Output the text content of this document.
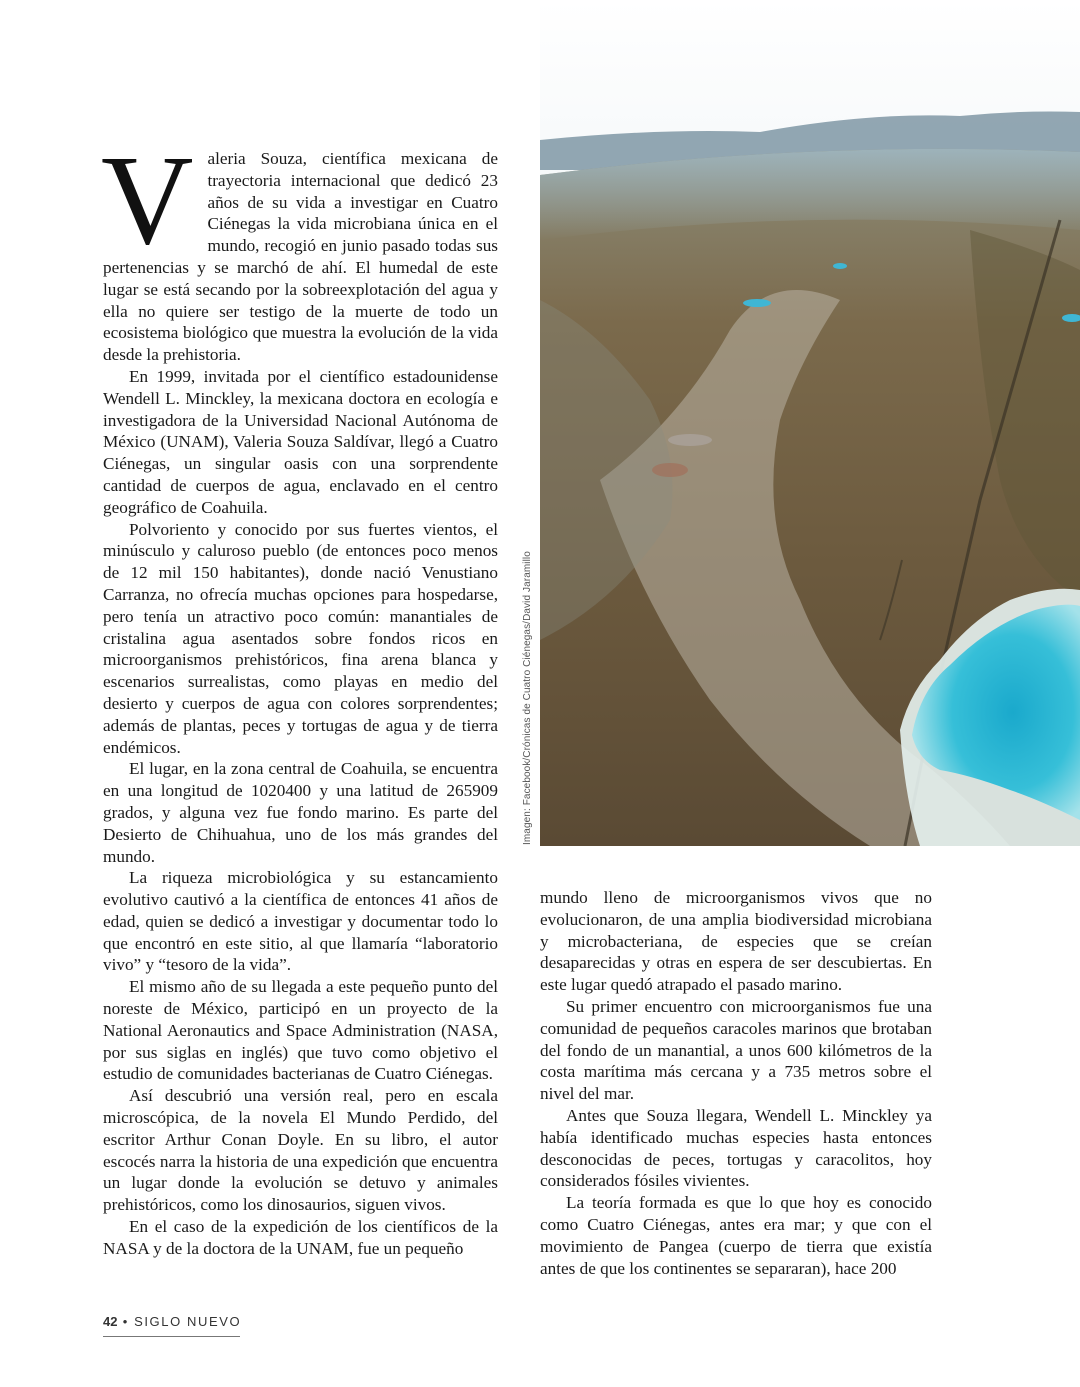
Imagen: Facebook/Crónicas de Cuatro Ciénegas/David Jaramillo

Valeria Souza, científica mexicana de trayectoria internacional que dedicó 23 años de su vida a investigar en Cuatro Ciénegas la vida microbiana única en el mundo, recogió en junio pasado todas sus pertenencias y se marchó de ahí. El humedal de este lugar se está secando por la sobreexplotación del agua y ella no quiere ser testigo de la muerte de todo un ecosistema biológico que muestra la evolución de la vida desde la prehistoria.

En 1999, invitada por el científico estadounidense Wendell L. Minckley, la mexicana doctora en ecología e investigadora de la Universidad Nacional Autónoma de México (UNAM), Valeria Souza Saldívar, llegó a Cuatro Ciénegas, un singular oasis con una sorprendente cantidad de cuerpos de agua, enclavado en el centro geográfico de Coahuila.

Polvoriento y conocido por sus fuertes vientos, el minúsculo y caluroso pueblo (de entonces poco menos de 12 mil 150 habitantes), donde nació Venustiano Carranza, no ofrecía muchas opciones para hospedarse, pero tenía un atractivo poco común: manantiales de cristalina agua asentados sobre fondos ricos en microorganismos prehistóricos, fina arena blanca y escenarios surrealistas, como playas en medio del desierto y cuerpos de agua con colores sorprendentes; además de plantas, peces y tortugas de agua y de tierra endémicos.

El lugar, en la zona central de Coahuila, se encuentra en una longitud de 1020400 y una latitud de 265909 grados, y alguna vez fue fondo marino. Es parte del Desierto de Chihuahua, uno de los más grandes del mundo.

La riqueza microbiológica y su estancamiento evolutivo cautivó a la científica de entonces 41 años de edad, quien se dedicó a investigar y documentar todo lo que encontró en este sitio, al que llamaría “laboratorio vivo” y “tesoro de la vida”.

El mismo año de su llegada a este pequeño punto del noreste de México, participó en un proyecto de la National Aeronautics and Space Administration (NASA, por sus siglas en inglés) que tuvo como objetivo el estudio de comunidades bacterianas de Cuatro Ciénegas.

Así descubrió una versión real, pero en escala microscópica, de la novela El Mundo Perdido, del escritor Arthur Conan Doyle. En su libro, el autor escocés narra la historia de una expedición que encuentra un lugar donde la evolución se detuvo y animales prehistóricos, como los dinosaurios, siguen vivos.

En el caso de la expedición de los científicos de la NASA y de la doctora de la UNAM, fue un pequeño

mundo lleno de microorganismos vivos que no evolucionaron, de una amplia biodiversidad microbiana y microbacteriana, de especies que se creían desaparecidas y otras en espera de ser descubiertas. En este lugar quedó atrapado el pasado marino.

Su primer encuentro con microorganismos fue una comunidad de pequeños caracoles marinos que brotaban del fondo de un manantial, a unos 600 kilómetros de la costa marítima más cercana y a 735 metros sobre el nivel del mar.

Antes que Souza llegara, Wendell L. Minckley ya había identificado muchas especies hasta entonces desconocidas de peces, tortugas y caracolitos, hoy considerados fósiles vivientes.

La teoría formada es que lo que hoy es conocido como Cuatro Ciénegas, antes era mar; y que con el movimiento de Pangea (cuerpo de tierra que existía antes de que los continentes se separaran), hace 200

42 • SIGLO NUEVO
